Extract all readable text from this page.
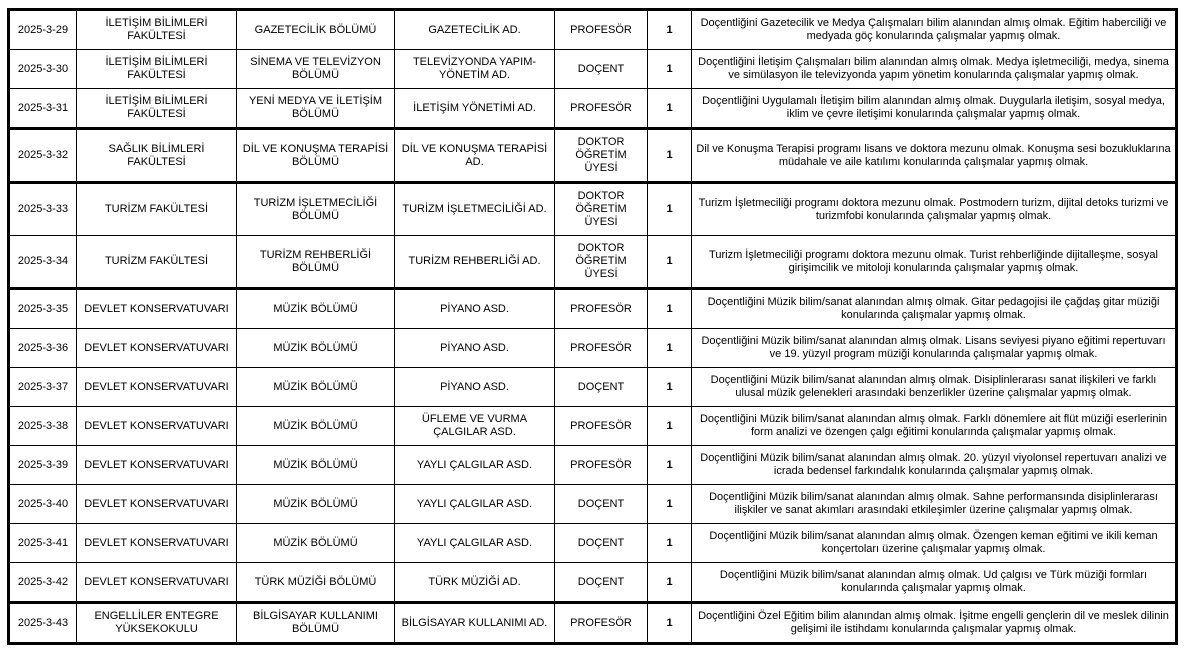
2025-3-29	İLETİŞİM BİLİMLERİ FAKÜLTESİ	GAZETECİLİK BÖLÜMÜ	GAZETECİLİK AD.	PROFESÖR	1	Doçentliğini Gazetecilik ve Medya Çalışmaları bilim alanından almış olmak. Eğitim haberciliği ve medyada göç konularında çalışmalar yapmış olmak.
2025-3-30	İLETİŞİM BİLİMLERİ FAKÜLTESİ	SİNEMA VE TELEVİZYON BÖLÜMÜ	TELEVİZYONDA YAPIM-YÖNETİM AD.	DOÇENT	1	Doçentliğini İletişim Çalışmaları bilim alanından almış olmak. Medya işletmeciliği, medya, sinema ve simülasyon ile televizyonda yapım yönetim konularında çalışmalar yapmış olmak.
2025-3-31	İLETİŞİM BİLİMLERİ FAKÜLTESİ	YENİ MEDYA VE İLETİŞİM BÖLÜMÜ	İLETİŞİM YÖNETİMİ AD.	PROFESÖR	1	Doçentliğini Uygulamalı İletişim bilim alanından almış olmak. Duygularla iletişim, sosyal medya, iklim ve çevre iletişimi konularında çalışmalar yapmış olmak.
2025-3-32	SAĞLIK BİLİMLERİ FAKÜLTESİ	DİL VE KONUŞMA TERAPİSİ BÖLÜMÜ	DİL VE KONUŞMA TERAPİSİ AD.	DOKTOR ÖĞRETİM ÜYESİ	1	Dil ve Konuşma Terapisi programı lisans ve doktora mezunu olmak. Konuşma sesi bozukluklarına müdahale ve aile katılımı konularında çalışmalar yapmış olmak.
2025-3-33	TURİZM FAKÜLTESİ	TURİZM İŞLETMECİLİĞİ BÖLÜMÜ	TURİZM İŞLETMECİLİĞİ AD.	DOKTOR ÖĞRETİM ÜYESİ	1	Turizm İşletmeciliği programı doktora mezunu olmak. Postmodern turizm, dijital detoks turizmi ve turizmfobi konularında çalışmalar yapmış olmak.
2025-3-34	TURİZM FAKÜLTESİ	TURİZM REHBERLİĞİ BÖLÜMÜ	TURİZM REHBERLİĞİ AD.	DOKTOR ÖĞRETİM ÜYESİ	1	Turizm İşletmeciliği programı doktora mezunu olmak. Turist rehberliğinde dijitalleşme, sosyal girişimcilik ve mitoloji konularında çalışmalar yapmış olmak.
2025-3-35	DEVLET KONSERVATUVARI	MÜZİK BÖLÜMÜ	PİYANO ASD.	PROFESÖR	1	Doçentliğini Müzik bilim/sanat alanından almış olmak. Gitar pedagojisi ile çağdaş gitar müziği konularında çalışmalar yapmış olmak.
2025-3-36	DEVLET KONSERVATUVARI	MÜZİK BÖLÜMÜ	PİYANO ASD.	PROFESÖR	1	Doçentliğini Müzik bilim/sanat alanından almış olmak. Lisans seviyesi piyano eğitimi repertuvarı ve 19. yüzyıl program müziği konularında çalışmalar yapmış olmak.
2025-3-37	DEVLET KONSERVATUVARI	MÜZİK BÖLÜMÜ	PİYANO ASD.	DOÇENT	1	Doçentliğini Müzik bilim/sanat alanından almış olmak. Disiplinlerarası sanat ilişkileri ve farklı ulusal müzik gelenekleri arasındaki benzerlikler üzerine çalışmalar yapmış olmak.
2025-3-38	DEVLET KONSERVATUVARI	MÜZİK BÖLÜMÜ	ÜFLEME VE VURMA ÇALGILAR ASD.	PROFESÖR	1	Doçentliğini Müzik bilim/sanat alanından almış olmak. Farklı dönemlere ait flüt müziği eserlerinin form analizi ve özengen çalgı eğitimi konularında çalışmalar yapmış olmak.
2025-3-39	DEVLET KONSERVATUVARI	MÜZİK BÖLÜMÜ	YAYLI ÇALGILAR ASD.	PROFESÖR	1	Doçentliğini Müzik bilim/sanat alanından almış olmak. 20. yüzyıl viyolonsel repertuvarı analizi ve icrada bedensel farkındalık konularında çalışmalar yapmış olmak.
2025-3-40	DEVLET KONSERVATUVARI	MÜZİK BÖLÜMÜ	YAYLI ÇALGILAR ASD.	DOÇENT	1	Doçentliğini Müzik bilim/sanat alanından almış olmak. Sahne performansında disiplinlerarası ilişkiler ve sanat akımları arasındaki etkileşimler üzerine çalışmalar yapmış olmak.
2025-3-41	DEVLET KONSERVATUVARI	MÜZİK BÖLÜMÜ	YAYLI ÇALGILAR ASD.	DOÇENT	1	Doçentliğini Müzik bilim/sanat alanından almış olmak. Özengen keman eğitimi ve ikili keman konçertoları üzerine çalışmalar yapmış olmak.
2025-3-42	DEVLET KONSERVATUVARI	TÜRK MÜZİĞİ BÖLÜMÜ	TÜRK MÜZİĞİ AD.	DOÇENT	1	Doçentliğini Müzik bilim/sanat alanından almış olmak. Ud çalgısı ve Türk müziği formları konularında çalışmalar yapmış olmak.
2025-3-43	ENGELLİLER ENTEGRE YÜKSEKOKULU	BİLGİSAYAR KULLANIMI BÖLÜMÜ	BİLGİSAYAR KULLANIMI AD.	PROFESÖR	1	Doçentliğini Özel Eğitim bilim alanından almış olmak. İşitme engelli gençlerin dil ve meslek dilinin gelişimi ile istihdamı konularında çalışmalar yapmış olmak.
